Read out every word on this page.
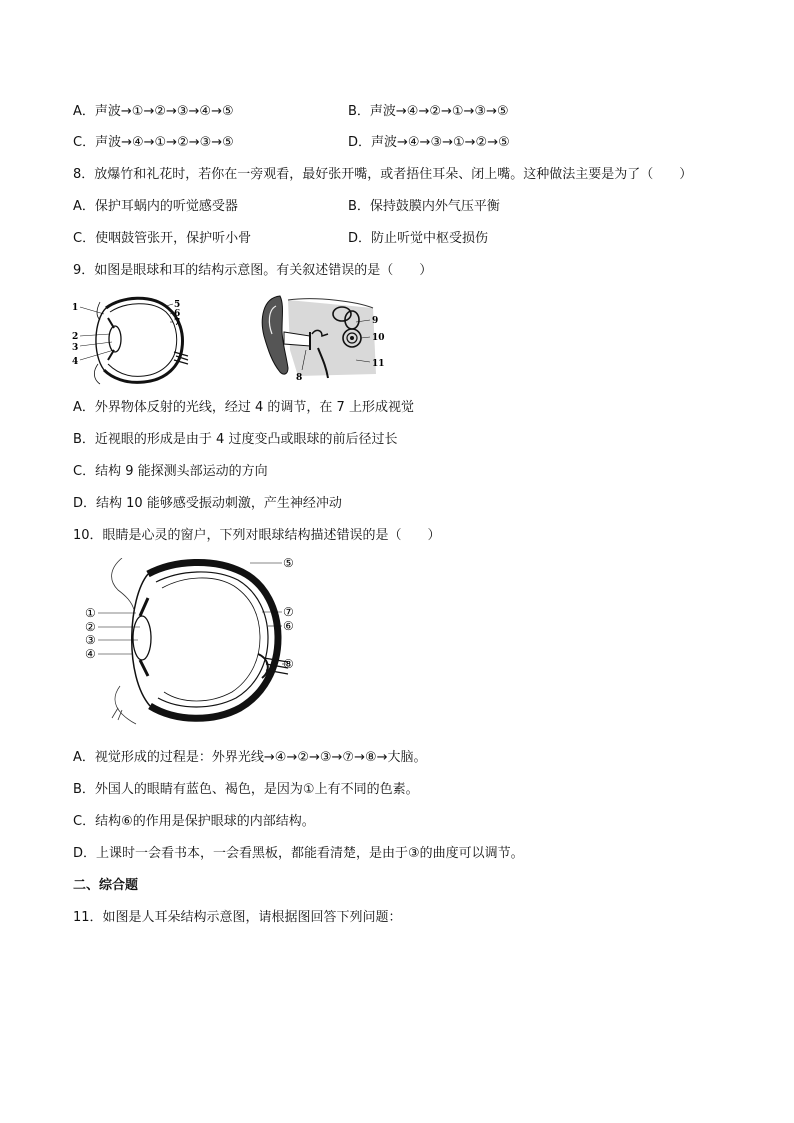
A．声波→①→②→③→④→⑤	B．声波→④→②→①→③→⑤
C．声波→④→①→②→③→⑤	D．声波→④→③→①→②→⑤
8．放爆竹和礼花时，若你在一旁观看，最好张开嘴，或者捂住耳朵、闭上嘴。这种做法主要是为了（　　）
A．保护耳蜗内的听觉感受器	B．保持鼓膜内外气压平衡
C．使咽鼓管张开，保护听小骨	D．防止听觉中枢受损伤
9．如图是眼球和耳的结构示意图。有关叙述错误的是（　　）
1
2
3
4
5
6
7	9
10
11
8
A．外界物体反射的光线，经过 4 的调节，在 7 上形成视觉
B．近视眼的形成是由于 4 过度变凸或眼球的前后径过长
C．结构 9 能探测头部运动的方向
D．结构 10 能够感受振动刺激，产生神经冲动
10．眼睛是心灵的窗户，下列对眼球结构描述错误的是（　　）
①
②
③
④
⑤
⑦
⑥
⑧
A．视觉形成的过程是：外界光线→④→②→③→⑦→⑧→大脑。
B．外国人的眼睛有蓝色、褐色，是因为①上有不同的色素。
C．结构⑥的作用是保护眼球的内部结构。
D．上课时一会看书本，一会看黑板，都能看清楚，是由于③的曲度可以调节。
二、综合题
11．如图是人耳朵结构示意图，请根据图回答下列问题：
